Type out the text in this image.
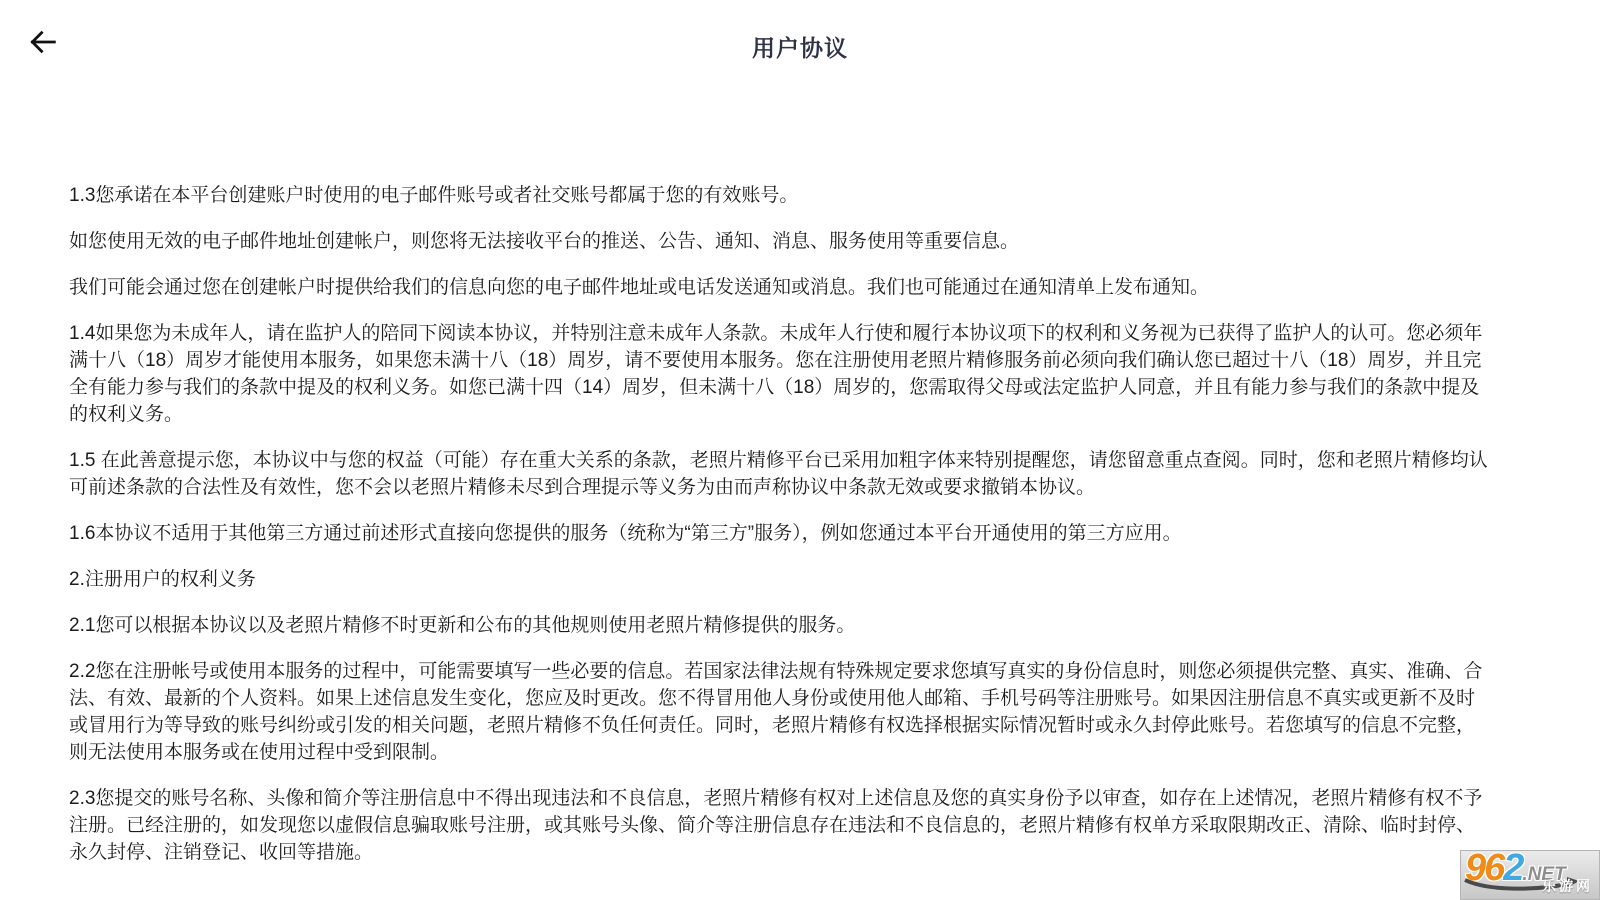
用户协议

1.3您承诺在本平台创建账户时使用的电子邮件账号或者社交账号都属于您的有效账号。

如您使用无效的电子邮件地址创建帐户，则您将无法接收平台的推送、公告、通知、消息、服务使用等重要信息。

我们可能会通过您在创建帐户时提供给我们的信息向您的电子邮件地址或电话发送通知或消息。我们也可能通过在通知清单上发布通知。

1.4如果您为未成年人，请在监护人的陪同下阅读本协议，并特别注意未成年人条款。未成年人行使和履行本协议项下的权利和义务视为已获得了监护人的认可。您必须年满十八（18）周岁才能使用本服务，如果您未满十八（18）周岁，请不要使用本服务。您在注册使用老照片精修服务前必须向我们确认您已超过十八（18）周岁，并且完全有能力参与我们的条款中提及的权利义务。如您已满十四（14）周岁，但未满十八（18）周岁的，您需取得父母或法定监护人同意，并且有能力参与我们的条款中提及的权利义务。

1.5 在此善意提示您，本协议中与您的权益（可能）存在重大关系的条款，老照片精修平台已采用加粗字体来特别提醒您，请您留意重点查阅。同时，您和老照片精修均认可前述条款的合法性及有效性，您不会以老照片精修未尽到合理提示等义务为由而声称协议中条款无效或要求撤销本协议。

1.6本协议不适用于其他第三方通过前述形式直接向您提供的服务（统称为“第三方”服务），例如您通过本平台开通使用的第三方应用。

2.注册用户的权利义务

2.1您可以根据本协议以及老照片精修不时更新和公布的其他规则使用老照片精修提供的服务。

2.2您在注册帐号或使用本服务的过程中，可能需要填写一些必要的信息。若国家法律法规有特殊规定要求您填写真实的身份信息时，则您必须提供完整、真实、准确、合法、有效、最新的个人资料。如果上述信息发生变化，您应及时更改。您不得冒用他人身份或使用他人邮箱、手机号码等注册账号。如果因注册信息不真实或更新不及时或冒用行为等导致的账号纠纷或引发的相关问题，老照片精修不负任何责任。同时，老照片精修有权选择根据实际情况暂时或永久封停此账号。若您填写的信息不完整，则无法使用本服务或在使用过程中受到限制。

2.3您提交的账号名称、头像和简介等注册信息中不得出现违法和不良信息，老照片精修有权对上述信息及您的真实身份予以审查，如存在上述情况，老照片精修有权不予注册。已经注册的，如发现您以虚假信息骗取账号注册，或其账号头像、简介等注册信息存在违法和不良信息的，老照片精修有权单方采取限期改正、清除、临时封停、永久封停、注销登记、收回等措施。	962.NET
乐游网
